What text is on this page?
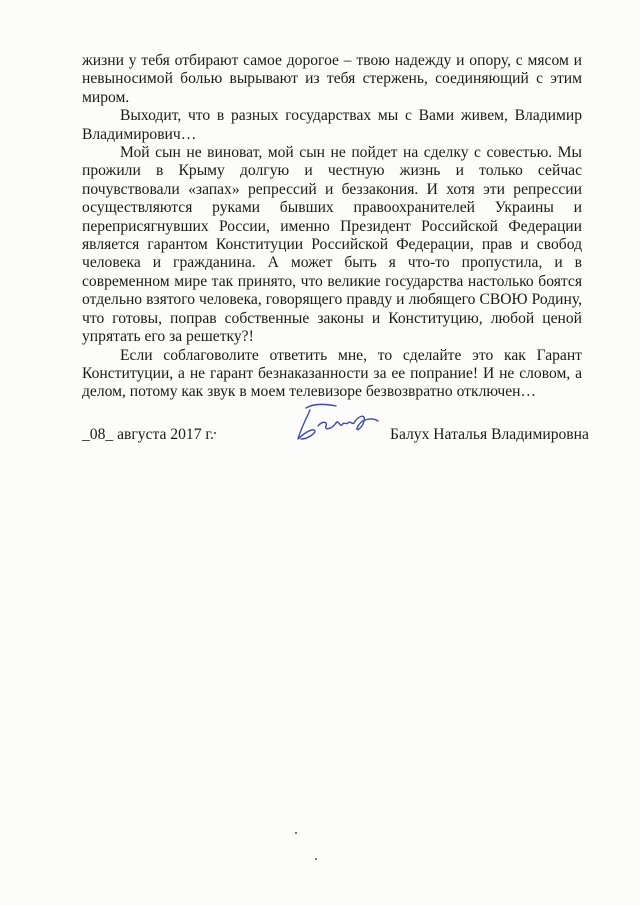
жизни у тебя отбирают самое дорогое – твою надежду и опору, с мясом и невыносимой болью вырывают из тебя стержень, соединяющий с этим миром.

Выходит, что в разных государствах мы с Вами живем, Владимир Владимирович…

Мой сын не виноват, мой сын не пойдет на сделку с совестью. Мы прожили в Крыму долгую и честную жизнь и только сейчас почувствовали «запах» репрессий и беззакония. И хотя эти репрессии осуществляются руками бывших правоохранителей Украины и переприсягнувших России, именно Президент Российской Федерации является гарантом Конституции Российской Федерации, прав и свобод человека и гражданина. А может быть я что-то пропустила, и в современном мире так принято, что великие государства настолько боятся отдельно взятого человека, говорящего правду и любящего СВОЮ Родину, что готовы, поправ собственные законы и Конституцию, любой ценой упрятать его за решетку?!

Если соблаговолите ответить мне, то сделайте это как Гарант Конституции, а не гарант безнаказанности за ее попрание! И не словом, а делом, потому как звук в моем телевизоре безвозвратно отключен…

_08_ августа 2017 г.	Балух Наталья Владимировна
